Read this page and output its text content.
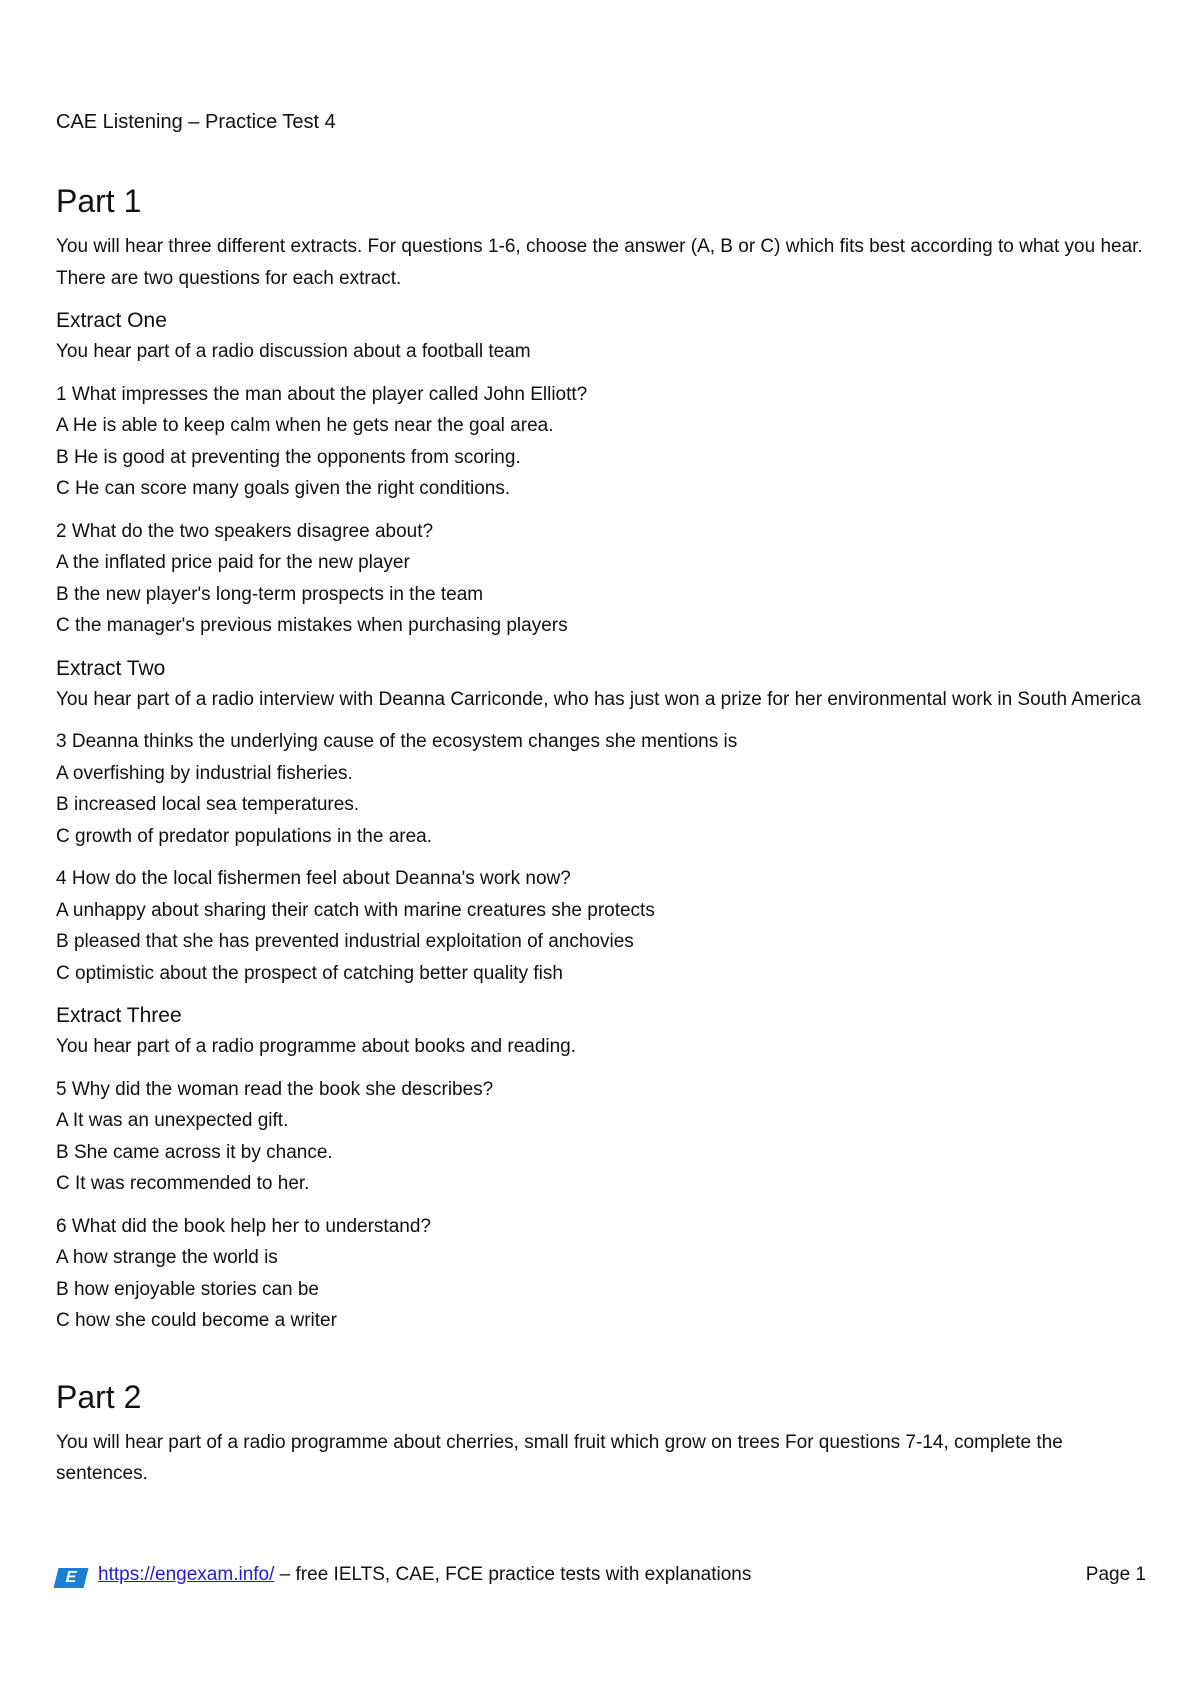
CAE Listening – Practice Test 4

Part 1

You will hear three different extracts. For questions 1-6, choose the answer (A, B or C) which fits best according to what you hear. There are two questions for each extract.

Extract One

You hear part of a radio discussion about a football team

1 What impresses the man about the player called John Elliott?

A He is able to keep calm when he gets near the goal area.

B He is good at preventing the opponents from scoring.

C He can score many goals given the right conditions.

2 What do the two speakers disagree about?

A the inflated price paid for the new player

B the new player's long-term prospects in the team

C the manager's previous mistakes when purchasing players

Extract Two

You hear part of a radio interview with Deanna Carriconde, who has just won a prize for her environmental work in South America

3 Deanna thinks the underlying cause of the ecosystem changes she mentions is

A overfishing by industrial fisheries.

B increased local sea temperatures.

C growth of predator populations in the area.

4 How do the local fishermen feel about Deanna's work now?

A unhappy about sharing their catch with marine creatures she protects

B pleased that she has prevented industrial exploitation of anchovies

C optimistic about the prospect of catching better quality fish

Extract Three

You hear part of a radio programme about books and reading.

5 Why did the woman read the book she describes?

A It was an unexpected gift.

B She came across it by chance.

C It was recommended to her.

6 What did the book help her to understand?

A how strange the world is

B how enjoyable stories can be

C how she could become a writer

Part 2

You will hear part of a radio programme about cherries, small fruit which grow on trees For questions 7-14, complete the sentences.

E	https://engexam.info/ – free IELTS, CAE, FCE practice tests with explanations	Page 1
